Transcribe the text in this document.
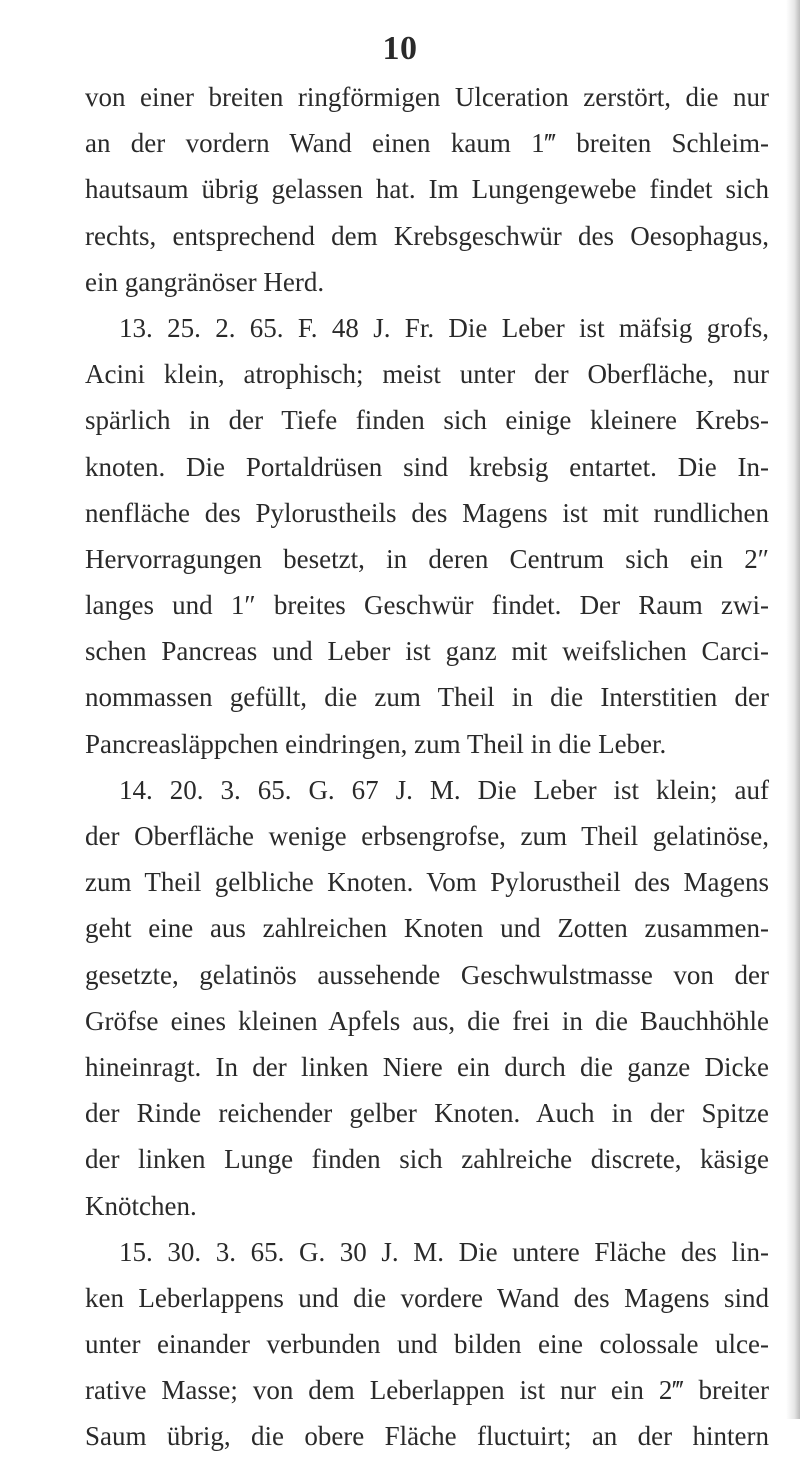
10
von einer breiten ringförmigen Ulceration zerstört, die nur
an der vordern Wand einen kaum 1‴ breiten Schleim-
hautsaum übrig gelassen hat. Im Lungengewebe findet sich
rechts, entsprechend dem Krebsgeschwür des Oesophagus,
ein gangränöser Herd.
13. 25. 2. 65. F. 48 J. Fr. Die Leber ist mäfsig grofs,
Acini klein, atrophisch; meist unter der Oberfläche, nur
spärlich in der Tiefe finden sich einige kleinere Krebs-
knoten. Die Portaldrüsen sind krebsig entartet. Die In-
nenfläche des Pylorustheils des Magens ist mit rundlichen
Hervorragungen besetzt, in deren Centrum sich ein 2″
langes und 1″ breites Geschwür findet. Der Raum zwi-
schen Pancreas und Leber ist ganz mit weifslichen Carci-
nommassen gefüllt, die zum Theil in die Interstitien der
Pancreasläppchen eindringen, zum Theil in die Leber.
14. 20. 3. 65. G. 67 J. M. Die Leber ist klein; auf
der Oberfläche wenige erbsengrofse, zum Theil gelatinöse,
zum Theil gelbliche Knoten. Vom Pylorustheil des Magens
geht eine aus zahlreichen Knoten und Zotten zusammen-
gesetzte, gelatinös aussehende Geschwulstmasse von der
Gröfse eines kleinen Apfels aus, die frei in die Bauchhöhle
hineinragt. In der linken Niere ein durch die ganze Dicke
der Rinde reichender gelber Knoten. Auch in der Spitze
der linken Lunge finden sich zahlreiche discrete, käsige
Knötchen.
15. 30. 3. 65. G. 30 J. M. Die untere Fläche des lin-
ken Leberlappens und die vordere Wand des Magens sind
unter einander verbunden und bilden eine colossale ulce-
rative Masse; von dem Leberlappen ist nur ein 2‴ breiter
Saum übrig, die obere Fläche fluctuirt; an der hintern
